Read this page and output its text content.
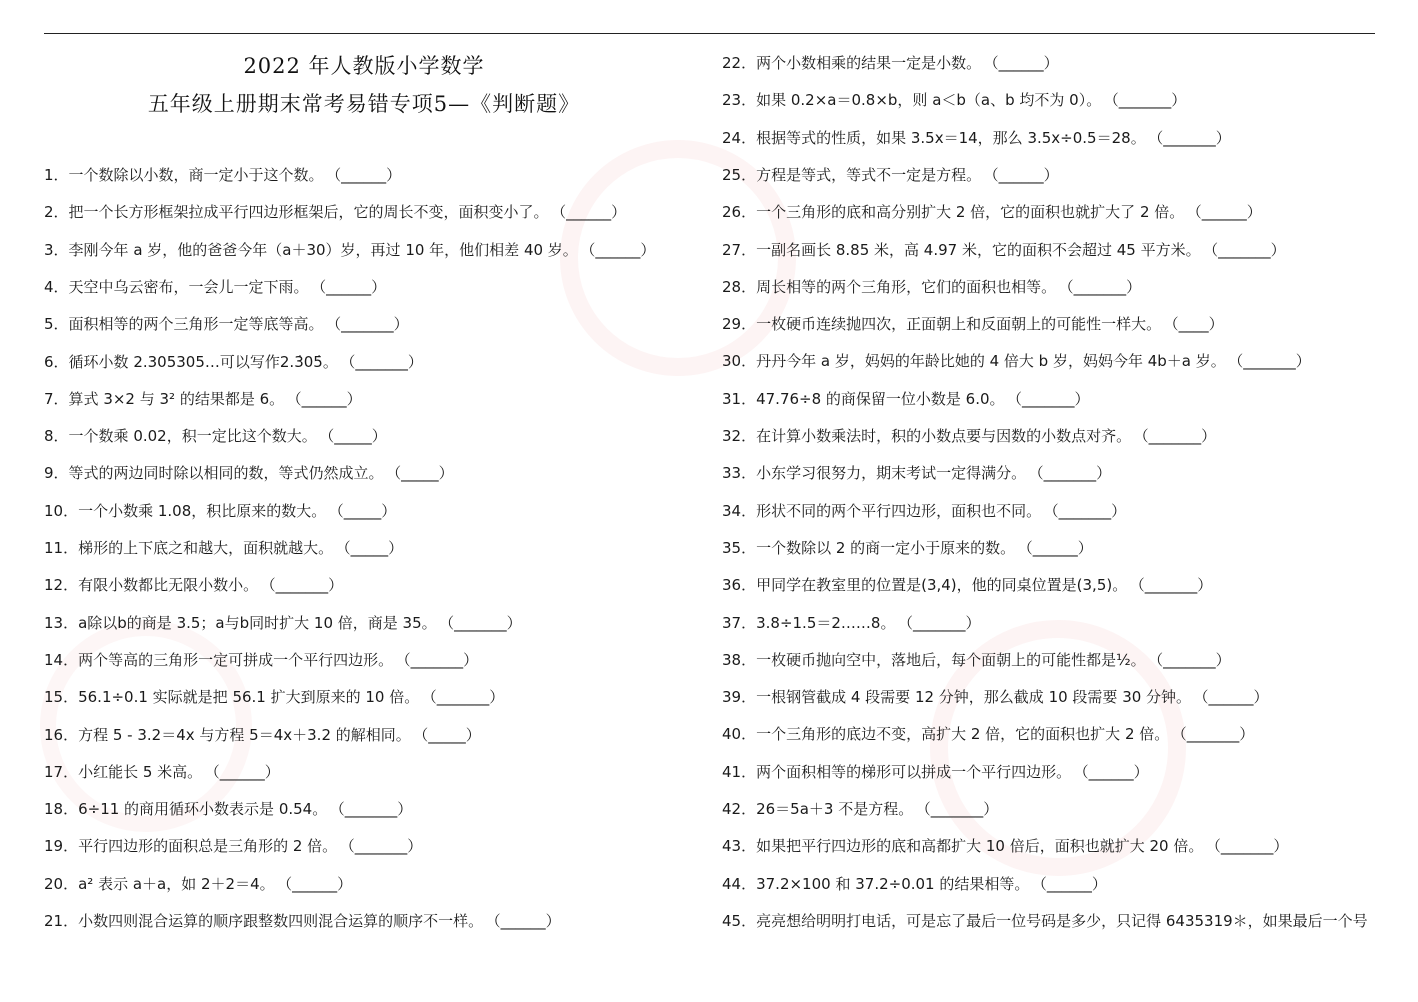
2022 年人教版小学数学
五年级上册期末常考易错专项5—《判断题》
1．一个数除以小数，商一定小于这个数。 （______）
2．把一个长方形框架拉成平行四边形框架后，它的周长不变，面积变小了。 （______）
3．李刚今年 a 岁，他的爸爸今年（a＋30）岁，再过 10 年，他们相差 40 岁。 （______）
4．天空中乌云密布，一会儿一定下雨。 （______）
5．面积相等的两个三角形一定等底等高。 （_______）
6．循环小数 2.305305…可以写作2.3̇05̇。 （_______）
7．算式 3×2 与 3² 的结果都是 6。 （______）
8．一个数乘 0.02，积一定比这个数大。 （_____）
9．等式的两边同时除以相同的数，等式仍然成立。 （_____）
10．一个小数乘 1.08，积比原来的数大。 （_____）
11．梯形的上下底之和越大，面积就越大。 （_____）
12．有限小数都比无限小数小。 （_______）
13．a除以b的商是 3.5；a与b同时扩大 10 倍，商是 35。 （_______）
14．两个等高的三角形一定可拼成一个平行四边形。 （_______）
15．56.1÷0.1 实际就是把 56.1 扩大到原来的 10 倍。 （_______）
16．方程 5 - 3.2＝4x 与方程 5＝4x＋3.2 的解相同。 （_____）
17．小红能长 5 米高。 （______）
18．6÷11 的商用循环小数表示是 0.54。 （_______）
19．平行四边形的面积总是三角形的 2 倍。 （_______）
20．a² 表示 a＋a，如 2＋2＝4。 （______）
21．小数四则混合运算的顺序跟整数四则混合运算的顺序不一样。 （______）
22．两个小数相乘的结果一定是小数。 （______）
23．如果 0.2×a＝0.8×b，则 a＜b（a、b 均不为 0）。 （_______）
24．根据等式的性质，如果 3.5x＝14，那么 3.5x÷0.5＝28。 （_______）
25．方程是等式，等式不一定是方程。 （______）
26．一个三角形的底和高分别扩大 2 倍，它的面积也就扩大了 2 倍。 （______）
27．一副名画长 8.85 米，高 4.97 米，它的面积不会超过 45 平方米。 （_______）
28．周长相等的两个三角形，它们的面积也相等。 （_______）
29．一枚硬币连续抛四次，正面朝上和反面朝上的可能性一样大。 （____）
30．丹丹今年 a 岁，妈妈的年龄比她的 4 倍大 b 岁，妈妈今年 4b＋a 岁。 （_______）
31．47.76÷8 的商保留一位小数是 6.0。 （_______）
32．在计算小数乘法时，积的小数点要与因数的小数点对齐。 （_______）
33．小东学习很努力，期末考试一定得满分。 （_______）
34．形状不同的两个平行四边形，面积也不同。 （_______）
35．一个数除以 2 的商一定小于原来的数。 （______）
36．甲同学在教室里的位置是(3,4)，他的同桌位置是(3,5)。 （_______）
37．3.8÷1.5＝2……8。 （_______）
38．一枚硬币抛向空中，落地后，每个面朝上的可能性都是½。 （_______）
39．一根钢管截成 4 段需要 12 分钟，那么截成 10 段需要 30 分钟。 （______）
40．一个三角形的底边不变，高扩大 2 倍，它的面积也扩大 2 倍。 （_______）
41．两个面积相等的梯形可以拼成一个平行四边形。 （______）
42．26＝5a＋3 不是方程。 （_______）
43．如果把平行四边形的底和高都扩大 10 倍后，面积也就扩大 20 倍。 （_______）
44．37.2×100 和 37.2÷0.01 的结果相等。 （______）
45．亮亮想给明明打电话，可是忘了最后一位号码是多少，只记得 6435319＊，如果最后一个号
